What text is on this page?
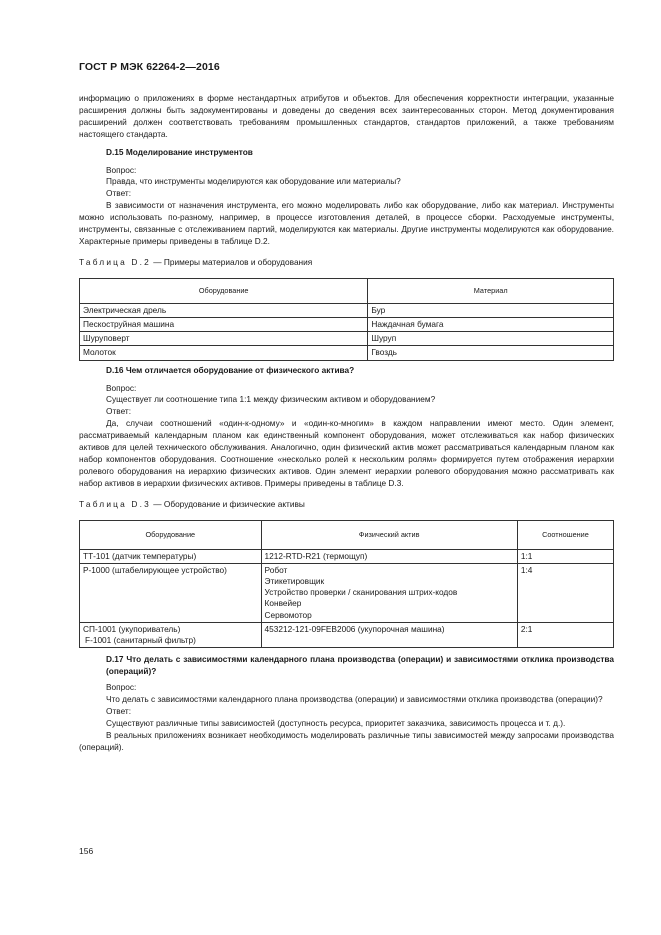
ГОСТ Р МЭК 62264-2—2016

информацию о приложениях в форме нестандартных атрибутов и объектов. Для обеспечения корректности интеграции, указанные расширения должны быть задокументированы и доведены до сведения всех заинтересованных сторон. Метод документирования расширений должен соответствовать требованиям промышленных стандартов, стандартов приложений, а также требованиям настоящего стандарта.

D.15 Моделирование инструментов

Вопрос:

Правда, что инструменты моделируются как оборудование или материалы?

Ответ:

В зависимости от назначения инструмента, его можно моделировать либо как оборудование, либо как материал. Инструменты можно использовать по-разному, например, в процессе изготовления деталей, в процессе сборки. Расходуемые инструменты, инструменты, связанные с отслеживанием партий, моделируются как материалы. Другие инструменты моделируются как оборудование. Характерные примеры приведены в таблице D.2.

Таблица D.2 — Примеры материалов и оборудования

Оборудование	Материал
Электрическая дрель	Бур
Пескоструйная машина	Наждачная бумага
Шуруповерт	Шуруп
Молоток	Гвоздь

D.16 Чем отличается оборудование от физического актива?

Вопрос:

Существует ли соотношение типа 1:1 между физическим активом и оборудованием?

Ответ:

Да, случаи соотношений «один-к-одному» и «один-ко-многим» в каждом направлении имеют место. Один элемент, рассматриваемый календарным планом как единственный компонент оборудования, может отслеживаться как набор физических активов для целей технического обслуживания. Аналогично, один физический актив может рассматриваться календарным планом как набор компонентов оборудования. Соотношение «несколько ролей к нескольким ролям» формируется путем отображения иерархии ролевого оборудования на иерархию физических активов. Один элемент иерархии ролевого оборудования можно рассматривать как набор активов в иерархии физических активов. Примеры приведены в таблице D.3.

Таблица D.3 — Оборудование и физические активы

Оборудование	Физический актив	Соотношение
ТТ-101 (датчик температуры)	1212-RTD-R21 (термощуп)	1:1
Р-1000 (штабелирующее устройство)	Робот
Этикетировщик
Устройство проверки / сканирования штрих-кодов
Конвейер
Сервомотор	1:4

СП-1001 (укупориватель)
F-1001 (санитарный фильтр)	453212-121-09FEB2006 (укупорочная машина)	2:1

D.17 Что делать с зависимостями календарного плана производства (операции) и зависимостями отклика производства (операций)?

Вопрос:

Что делать с зависимостями календарного плана производства (операции) и зависимостями отклика производства (операции)?

Ответ:

Существуют различные типы зависимостей (доступность ресурса, приоритет заказчика, зависимость процесса и т. д.).

В реальных приложениях возникает необходимость моделировать различные типы зависимостей между запросами производства (операций).

156
